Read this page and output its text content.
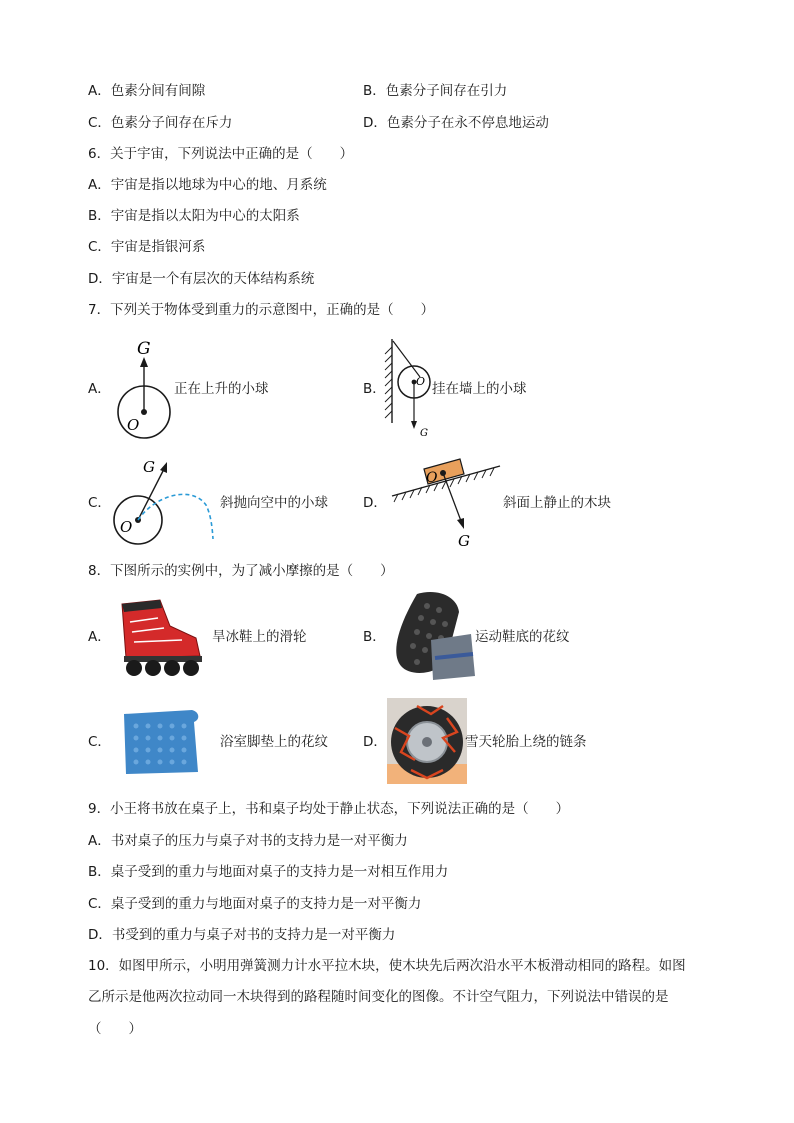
A．色素分间有间隙	B．色素分子间存在引力
C．色素分子间存在斥力	D．色素分子在永不停息地运动
6．关于宇宙，下列说法中正确的是（　　）
A．宇宙是指以地球为中心的地、月系统
B．宇宙是指以太阳为中心的太阳系
C．宇宙是指银河系
D．宇宙是一个有层次的天体结构系统
7．下列关于物体受到重力的示意图中，正确的是（　　）
A．
G
O
正在上升的小球	B．	O
G
挂在墙上的小球
C．
G
O
斜抛向空中的小球	D．
O
G
斜面上静止的木块
8．下图所示的实例中，为了减小摩擦的是（　　）
A．	旱冰鞋上的滑轮	B．	运动鞋底的花纹
C．	浴室脚垫上的花纹	D．	雪天轮胎上绕的链条
9．小王将书放在桌子上，书和桌子均处于静止状态，下列说法正确的是（　　）
A．书对桌子的压力与桌子对书的支持力是一对平衡力
B．桌子受到的重力与地面对桌子的支持力是一对相互作用力
C．桌子受到的重力与地面对桌子的支持力是一对平衡力
D．书受到的重力与桌子对书的支持力是一对平衡力
10．如图甲所示，小明用弹簧测力计水平拉木块，使木块先后两次沿水平木板滑动相同的路程。如图
乙所示是他两次拉动同一木块得到的路程随时间变化的图像。不计空气阻力，下列说法中错误的是
（　　）
